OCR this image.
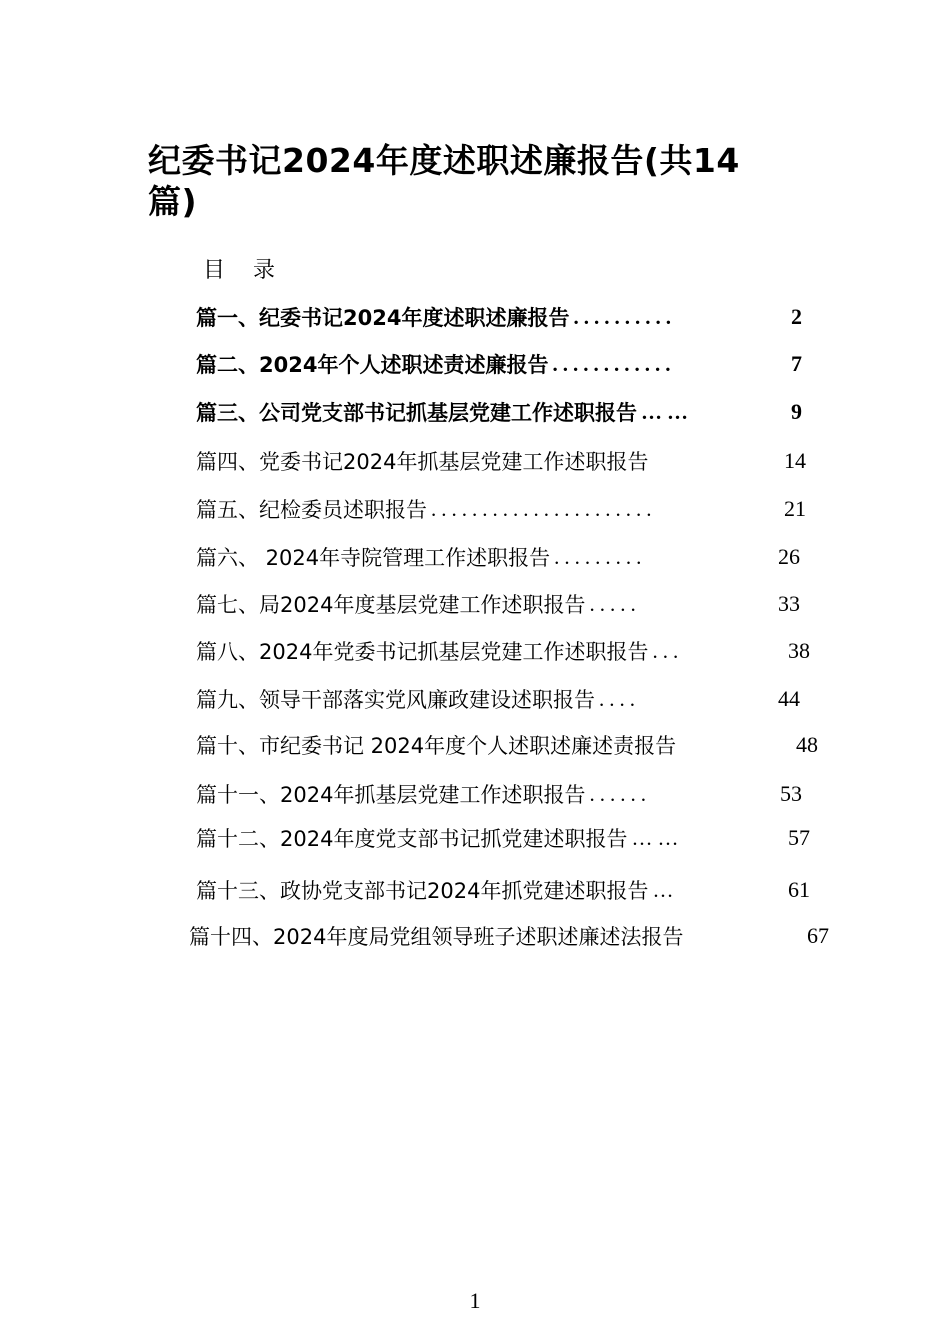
纪委书记2024年度述职述廉报告(共14篇)
目录
篇一、纪委书记2024年度述职述廉报告 ..........	2
篇二、2024年个人述职述责述廉报告 ............	7
篇三、公司党支部书记抓基层党建工作述职报告 ……	9
篇四、党委书记2024年抓基层党建工作述职报告	14
篇五、纪检委员述职报告 ......................	21
篇六、 2024年寺院管理工作述职报告 .........	26
篇七、局2024年度基层党建工作述职报告 .....	33
篇八、2024年党委书记抓基层党建工作述职报告 ...	38
篇九、领导干部落实党风廉政建设述职报告 ....	44
篇十、市纪委书记 2024年度个人述职述廉述责报告	48
篇十一、2024年抓基层党建工作述职报告 ......	53
篇十二、2024年度党支部书记抓党建述职报告 ……	57
篇十三、政协党支部书记2024年抓党建述职报告 …	61
篇十四、2024年度局党组领导班子述职述廉述法报告	67
1
